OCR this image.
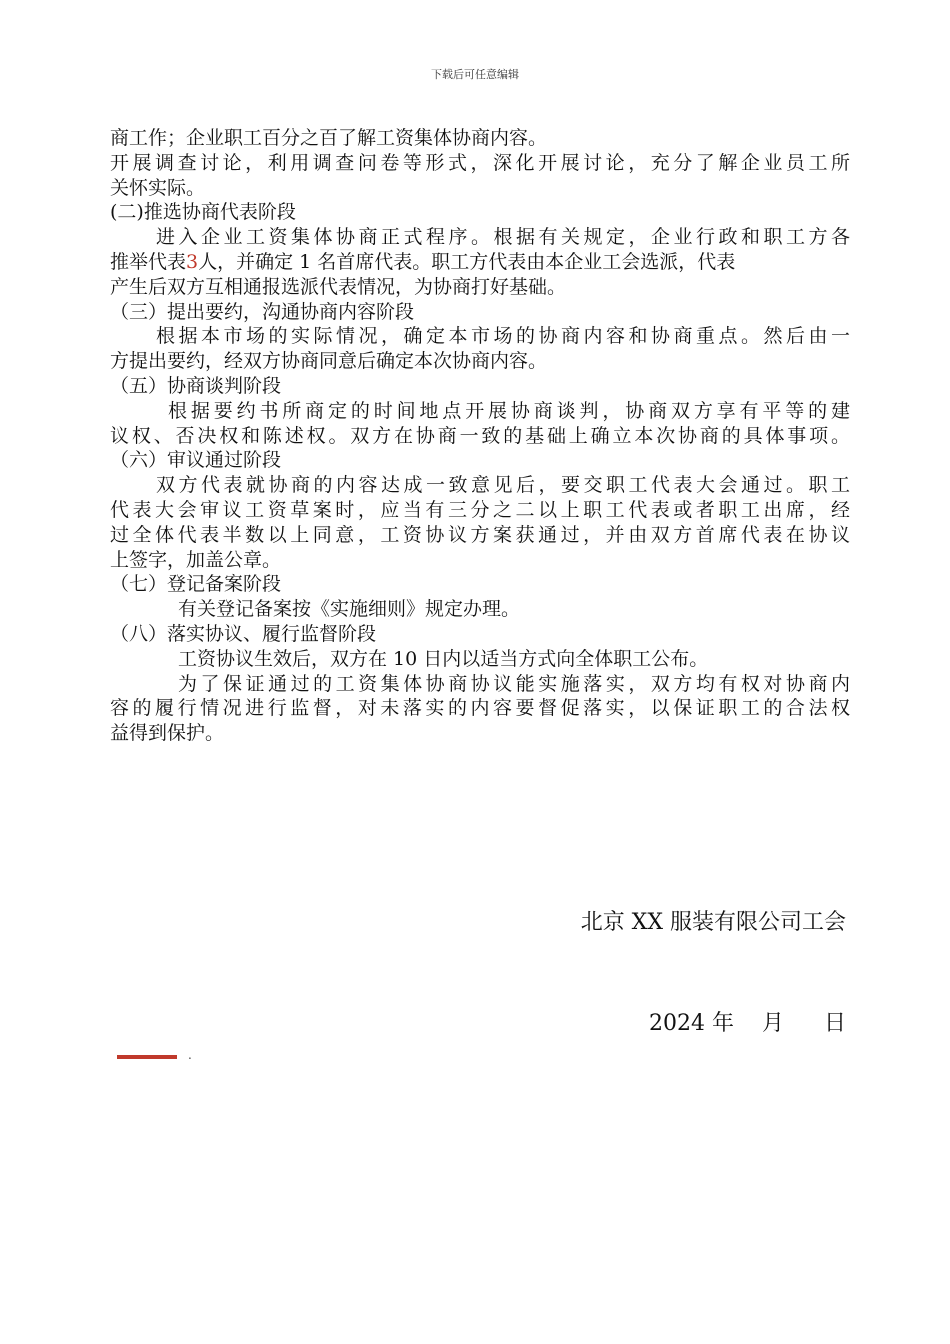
下载后可任意编辑
商工作；企业职工百分之百了解工资集体协商内容。
开展调查讨论，利用调查问卷等形式，深化开展讨论，充分了解企业员工所
关怀实际。
(二)推选协商代表阶段
进入企业工资集体协商正式程序。根据有关规定，企业行政和职工方各
推举代表3人，并确定 1 名首席代表。职工方代表由本企业工会选派，代表
产生后双方互相通报选派代表情况，为协商打好基础。
（三）提出要约，沟通协商内容阶段
根据本市场的实际情况，确定本市场的协商内容和协商重点。然后由一
方提出要约，经双方协商同意后确定本次协商内容。
（五）协商谈判阶段
根据要约书所商定的时间地点开展协商谈判，协商双方享有平等的建
议权、否决权和陈述权。双方在协商一致的基础上确立本次协商的具体事项。
（六）审议通过阶段
双方代表就协商的内容达成一致意见后，要交职工代表大会通过。职工
代表大会审议工资草案时，应当有三分之二以上职工代表或者职工出席，经
过全体代表半数以上同意，工资协议方案获通过，并由双方首席代表在协议
上签字，加盖公章。
（七）登记备案阶段
有关登记备案按《实施细则》规定办理。
（八）落实协议、履行监督阶段
工资协议生效后，双方在 10 日内以适当方式向全体职工公布。
为了保证通过的工资集体协商协议能实施落实，双方均有权对协商内
容的履行情况进行监督，对未落实的内容要督促落实，以保证职工的合法权
益得到保护。
北京 XX 服装有限公司工会
2024 年 月 日
.
